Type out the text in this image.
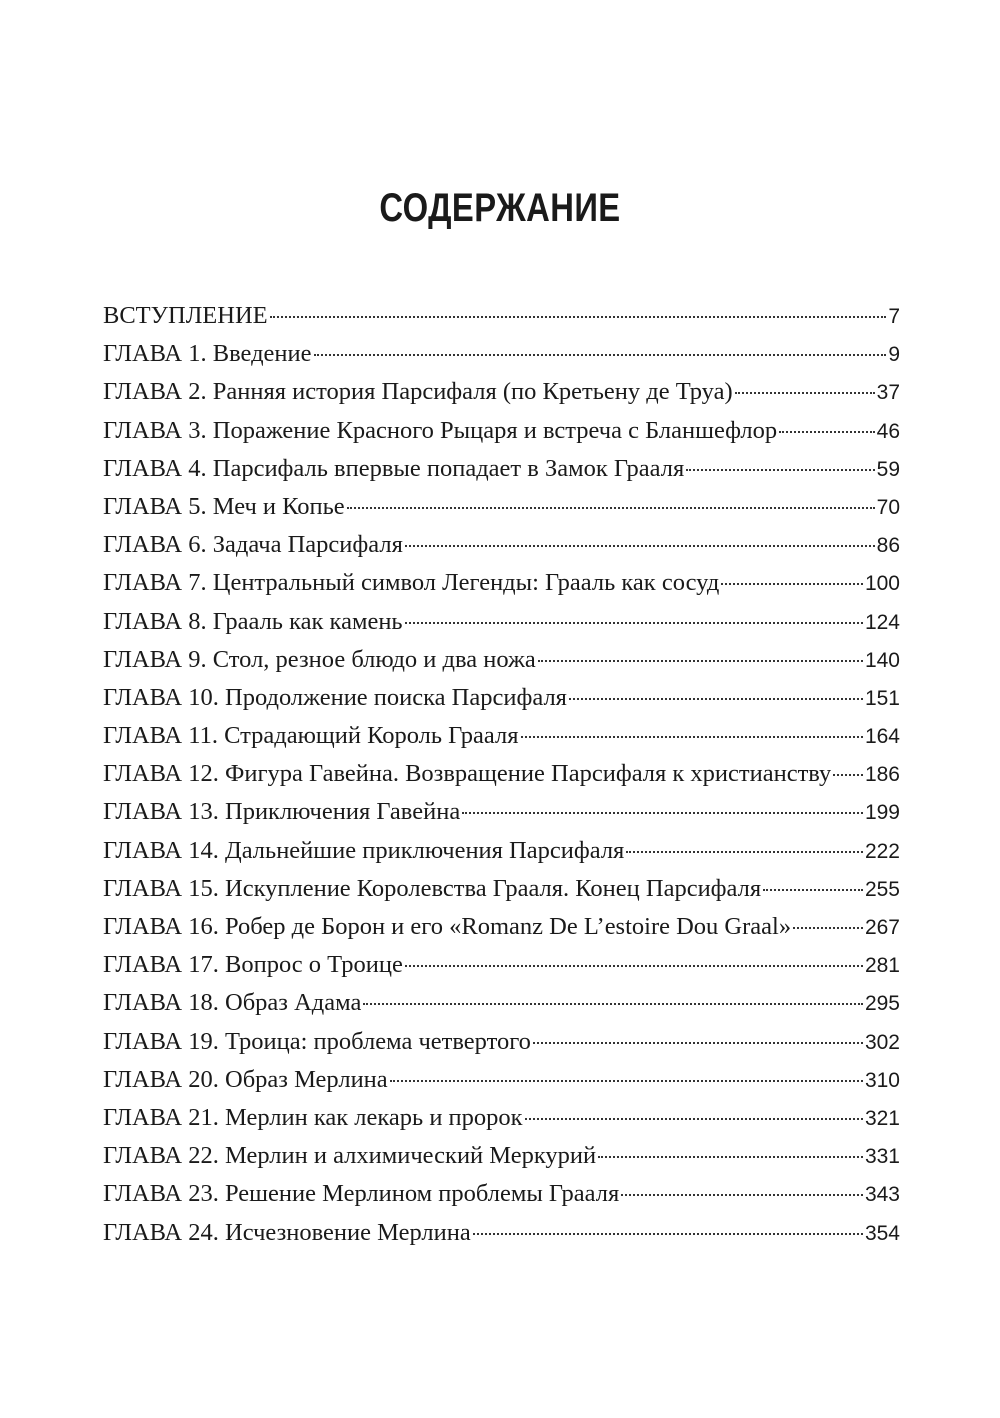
СОДЕРЖАНИЕ
ВСТУПЛЕНИЕ	7
ГЛАВА 1. Введение	9
ГЛАВА 2. Ранняя история Парсифаля (по Кретьену де Труа)	37
ГЛАВА 3. Поражение Красного Рыцаря и встреча с Бланшефлор	46
ГЛАВА 4. Парсифаль впервые попадает в Замок Грааля	59
ГЛАВА 5. Меч и Копье	70
ГЛАВА 6. Задача Парсифаля	86
ГЛАВА 7. Центральный символ Легенды: Грааль как сосуд	100
ГЛАВА 8. Грааль как камень	124
ГЛАВА 9. Стол, резное блюдо и два ножа	140
ГЛАВА 10. Продолжение поиска Парсифаля	151
ГЛАВА 11. Страдающий Король Грааля	164
ГЛАВА 12. Фигура Гавейна. Возвращение Парсифаля к христианству 186
ГЛАВА 13. Приключения Гавейна	199
ГЛАВА 14. Дальнейшие приключения Парсифаля	222
ГЛАВА 15. Искупление Королевства Грааля. Конец Парсифаля	255
ГЛАВА 16. Робер де Борон и его «Romanz De L’estoire Dou Graal»	267
ГЛАВА 17. Вопрос о Троице	281
ГЛАВА 18. Образ Адама	295
ГЛАВА 19. Троица: проблема четвертого	302
ГЛАВА 20. Образ Мерлина	310
ГЛАВА 21. Мерлин как лекарь и пророк	321
ГЛАВА 22. Мерлин и алхимический Меркурий	331
ГЛАВА 23. Решение Мерлином проблемы Грааля	343
ГЛАВА 24. Исчезновение Мерлина	354
